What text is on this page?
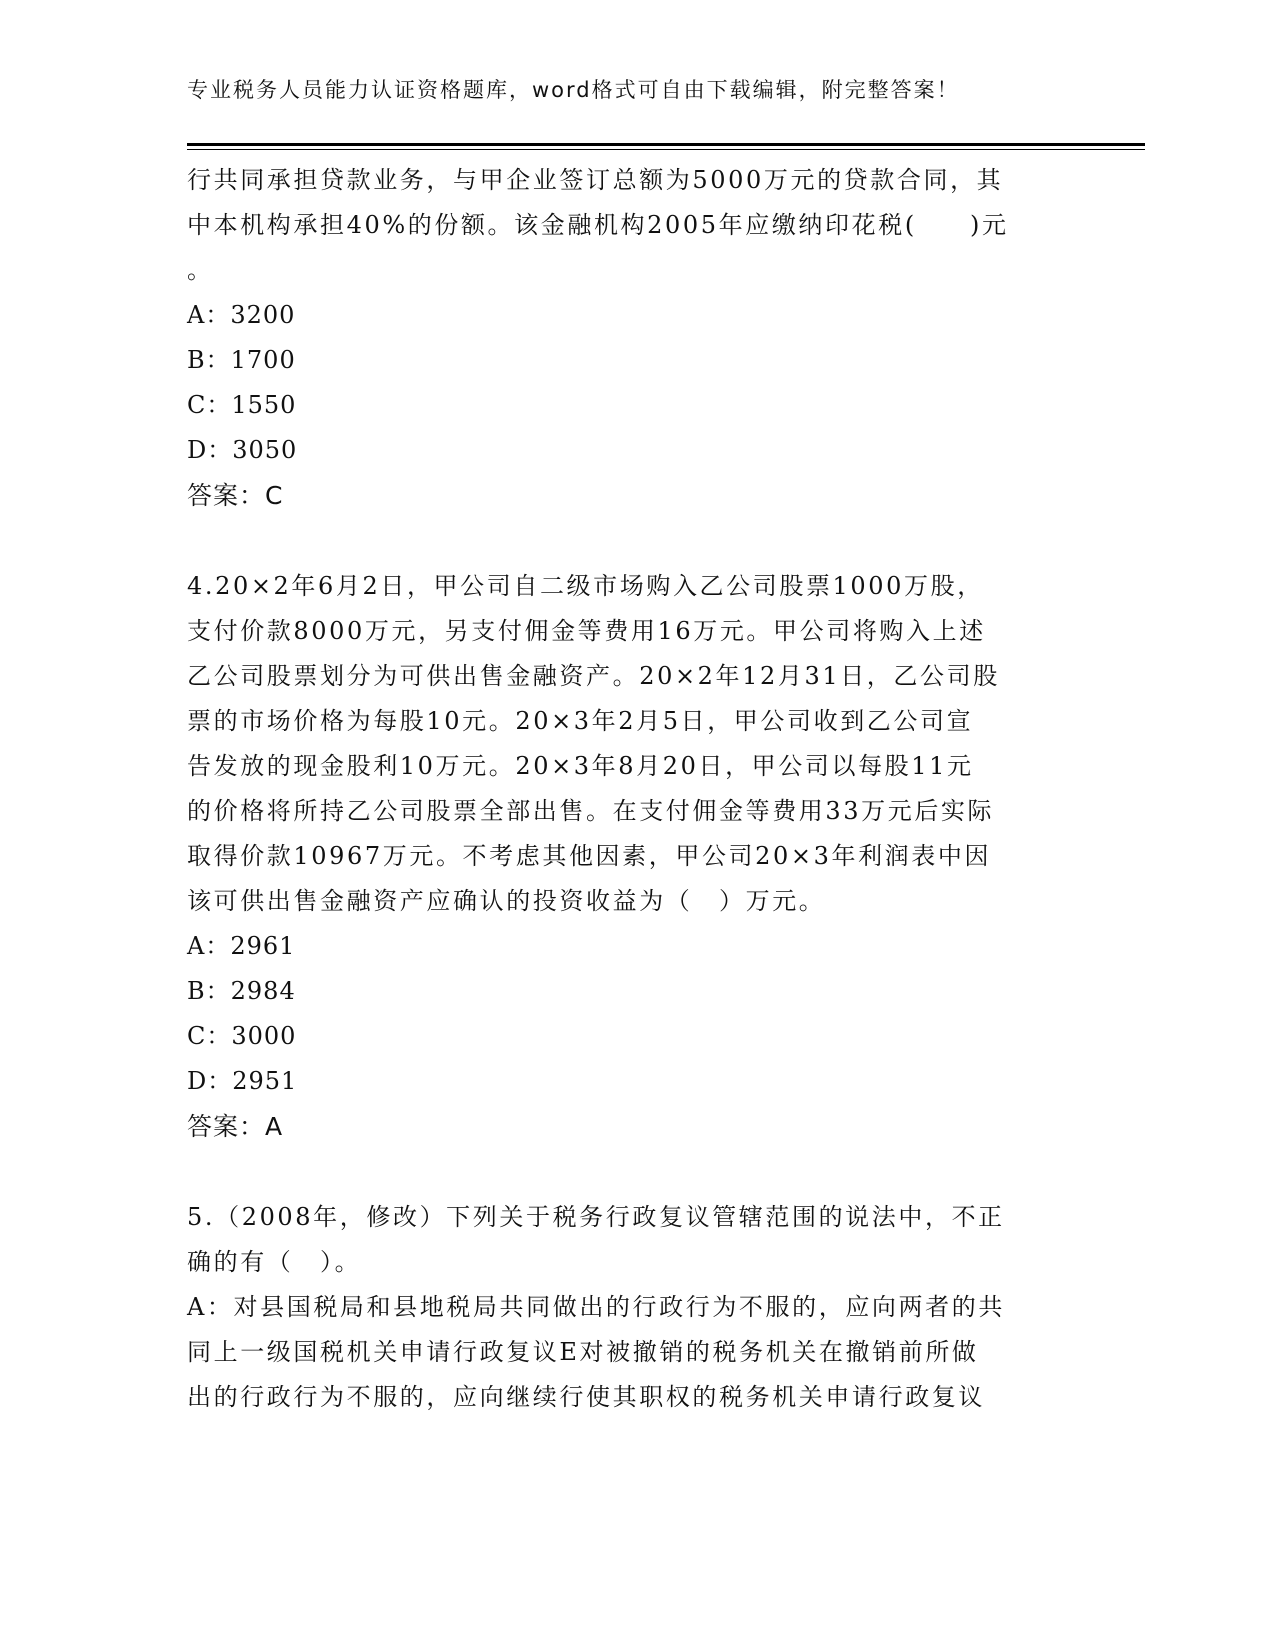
专业税务人员能力认证资格题库，word格式可自由下载编辑，附完整答案！
行共同承担贷款业务，与甲企业签订总额为5000万元的贷款合同，其
中本机构承担40%的份额。该金融机构2005年应缴纳印花税(　　)元
。
A：3200
B：1700
C：1550
D：3050
答案：C
4.20×2年6月2日，甲公司自二级市场购入乙公司股票1000万股，
支付价款8000万元，另支付佣金等费用16万元。甲公司将购入上述
乙公司股票划分为可供出售金融资产。20×2年12月31日，乙公司股
票的市场价格为每股10元。20×3年2月5日，甲公司收到乙公司宣
告发放的现金股利10万元。20×3年8月20日，甲公司以每股11元
的价格将所持乙公司股票全部出售。在支付佣金等费用33万元后实际
取得价款10967万元。不考虑其他因素，甲公司20×3年利润表中因
该可供出售金融资产应确认的投资收益为（　）万元。
A：2961
B：2984
C：3000
D：2951
答案：A
5.（2008年，修改）下列关于税务行政复议管辖范围的说法中，不正
确的有（　）。
A：对县国税局和县地税局共同做出的行政行为不服的，应向两者的共
同上一级国税机关申请行政复议E对被撤销的税务机关在撤销前所做
出的行政行为不服的，应向继续行使其职权的税务机关申请行政复议
